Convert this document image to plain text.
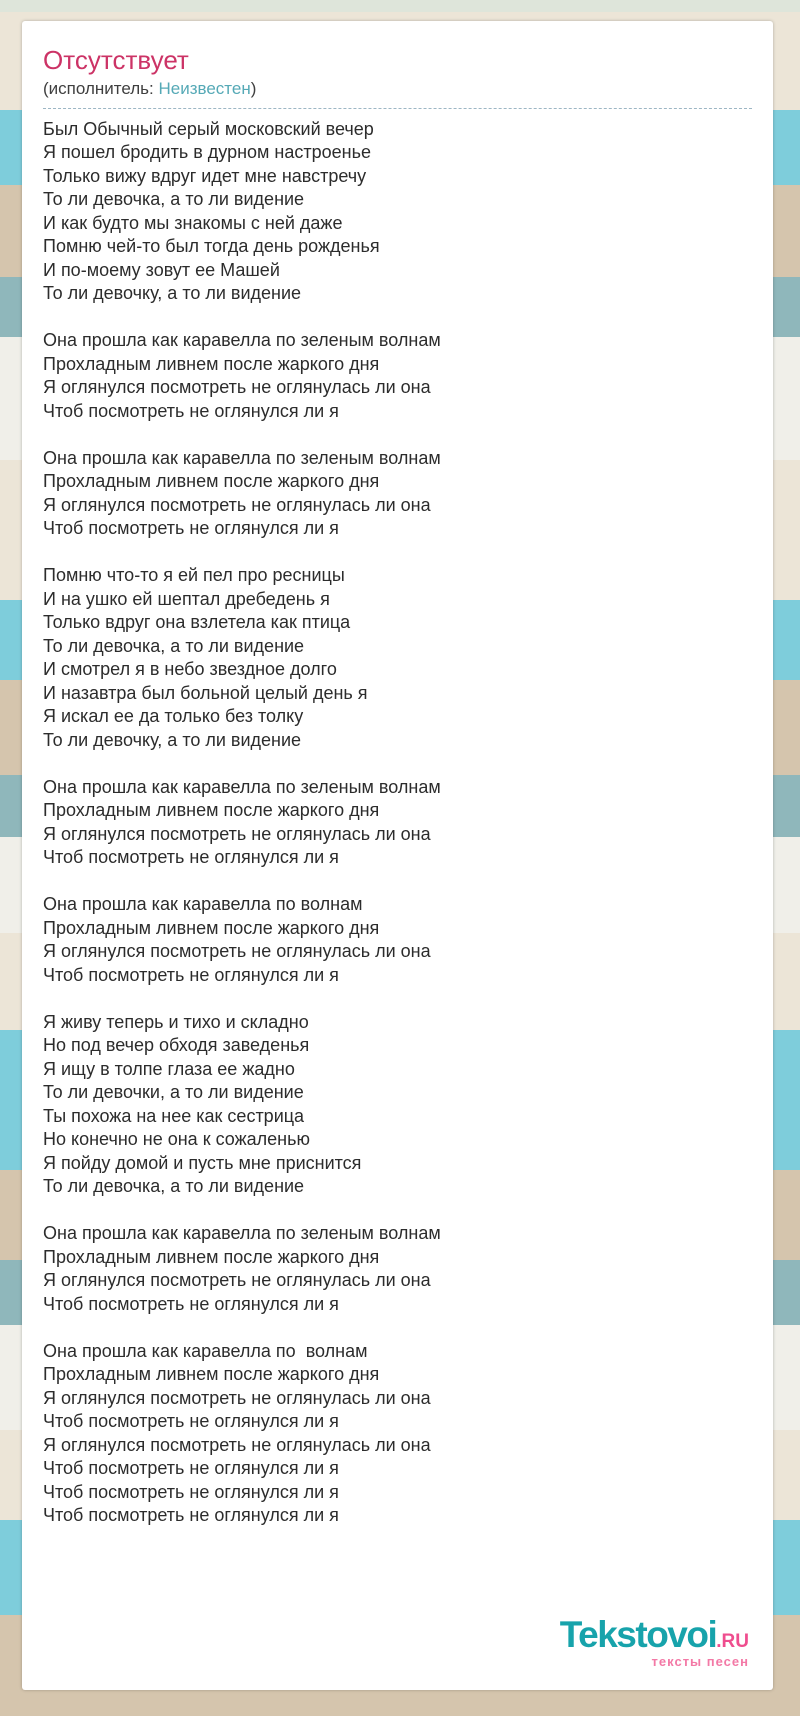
Отсутствует
(исполнитель: Неизвестен)
Был Обычный серый московский вечер
Я пошел бродить в дурном настроенье
Только вижу вдруг идет мне навстречу
То ли девочка, а то ли видение
И как будто мы знакомы с ней даже
Помню чей-то был тогда день рожденья
И по-моему зовут ее Машей
То ли девочку, а то ли видение
Она прошла как каравелла по зеленым волнам
Прохладным ливнем после жаркого дня
Я оглянулся посмотреть не оглянулась ли она
Чтоб посмотреть не оглянулся ли я
Она прошла как каравелла по зеленым волнам
Прохладным ливнем после жаркого дня
Я оглянулся посмотреть не оглянулась ли она
Чтоб посмотреть не оглянулся ли я
Помню что-то я ей пел про ресницы
И на ушко ей шептал дребедень я
Только вдруг она взлетела как птица
То ли девочка, а то ли видение
И смотрел я в небо звездное долго
И назавтра был больной целый день я
Я искал ее да только без толку
То ли девочку, а то ли видение
Она прошла как каравелла по зеленым волнам
Прохладным ливнем после жаркого дня
Я оглянулся посмотреть не оглянулась ли она
Чтоб посмотреть не оглянулся ли я
Она прошла как каравелла по волнам
Прохладным ливнем после жаркого дня
Я оглянулся посмотреть не оглянулась ли она
Чтоб посмотреть не оглянулся ли я
Я живу теперь и тихо и складно
Но под вечер обходя заведенья
Я ищу в толпе глаза ее жадно
То ли девочки, а то ли видение
Ты похожа на нее как сестрица
Но конечно не она к сожаленью
Я пойду домой и пусть мне приснится
То ли девочка, а то ли видение
Она прошла как каравелла по зеленым волнам
Прохладным ливнем после жаркого дня
Я оглянулся посмотреть не оглянулась ли она
Чтоб посмотреть не оглянулся ли я
Она прошла как каравелла по  волнам
Прохладным ливнем после жаркого дня
Я оглянулся посмотреть не оглянулась ли она
Чтоб посмотреть не оглянулся ли я
Я оглянулся посмотреть не оглянулась ли она
Чтоб посмотреть не оглянулся ли я
Чтоб посмотреть не оглянулся ли я
Чтоб посмотреть не оглянулся ли я
Tekstovoi.RU
тексты песен
